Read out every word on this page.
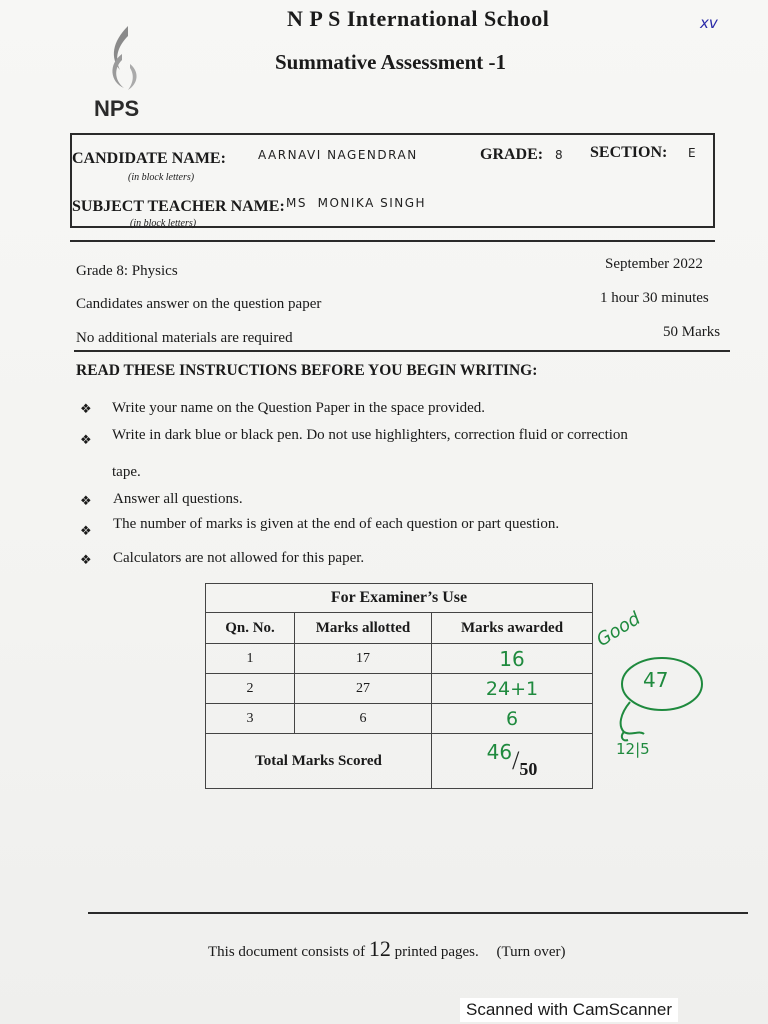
NPS
N P S International School
Summative Assessment -1
xv
CANDIDATE NAME:	AARNAVI NAGENDRAN
(in block letters)
GRADE: 8 SECTION: E
SUBJECT TEACHER NAME: MS  MONIKA SINGH
(in block letters)
Grade 8: Physics	September 2022
Candidates answer on the question paper	1 hour 30 minutes
No additional materials are required	50 Marks
READ THESE INSTRUCTIONS BEFORE YOU BEGIN WRITING:
❖ Write your name on the Question Paper in the space provided.
❖ Write in dark blue or black pen. Do not use highlighters, correction fluid or correction
tape.
❖ Answer all questions.
❖ The number of marks is given at the end of each question or part question.
❖ Calculators are not allowed for this paper.
For Examiner’s Use		
Qn. No.	Marks allotted	Marks awarded
1	17	16
2	27	24+1
3	6	6
Total Marks Scored		46/50
Good
47
12|5
This document consists of 12 printed pages. (Turn over)
Scanned with CamScanner
